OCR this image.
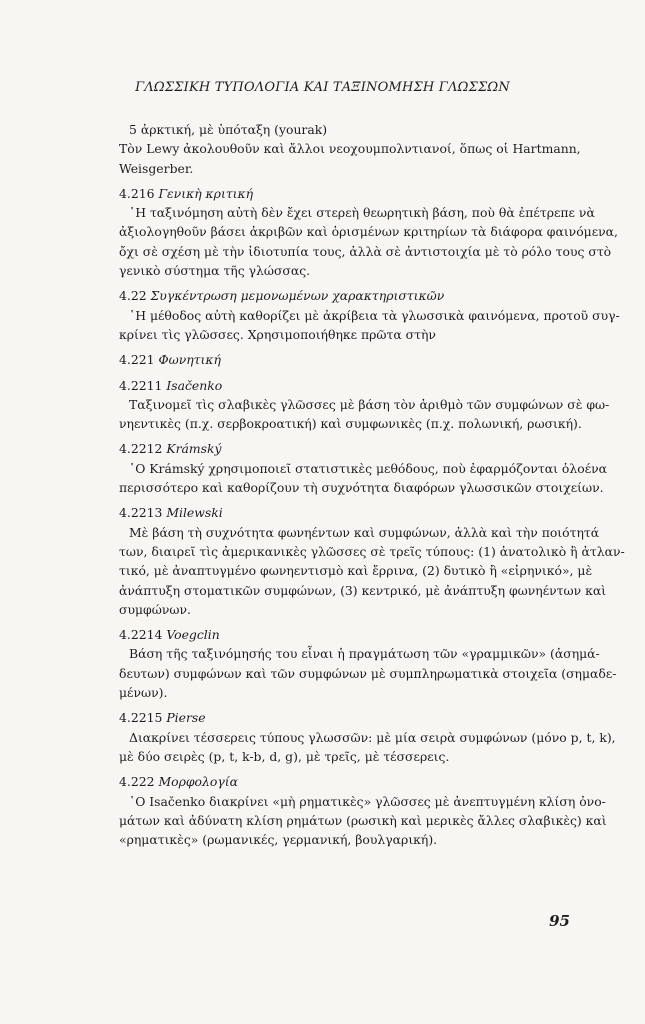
ΓΛΩΣΣΙΚΗ ΤΥΠΟΛΟΓΙΑ ΚΑΙ ΤΑΞΙΝΟΜΗΣΗ ΓΛΩΣΣΩΝ
5 ἀρκτική, μὲ ὑπόταξη (yourak)
Τὸν Lewy ἀκολουθοῦν καὶ ἄλλοι νεοχουμπολντιανοί, ὅπως οἱ Hartmann,
Weisgerber.
4.216 Γενικὴ κριτική
῾Η ταξινόμηση αὐτὴ δὲν ἔχει στερεὴ θεωρητικὴ βάση, ποὺ θὰ ἐπέτρεπε νὰ
ἀξιολογηθοῦν βάσει ἀκριβῶν καὶ ὁρισμένων κριτηρίων τὰ διάφορα φαινόμενα,
ὄχι σὲ σχέση μὲ τὴν ἰδιοτυπία τους, ἀλλὰ σὲ ἀντιστοιχία μὲ τὸ ρόλο τους στὸ
γενικὸ σύστημα τῆς γλώσσας.
4.22 Συγκέντρωση μεμονωμένων χαρακτηριστικῶν
῾Η μέθοδος αὐτὴ καθορίζει μὲ ἀκρίβεια τὰ γλωσσικὰ φαινόμενα, προτοῦ συγ-
κρίνει τὶς γλῶσσες. Χρησιμοποιήθηκε πρῶτα στὴν
4.221 Φωνητική
4.2211 Isačenko
Ταξινομεῖ τὶς σλαβικὲς γλῶσσες μὲ βάση τὸν ἀριθμὸ τῶν συμφώνων σὲ φω-
νηεντικὲς (π.χ. σερβοκροατική) καὶ συμφωνικὲς (π.χ. πολωνική, ρωσική).
4.2212 Krámský
῾Ο Krámský χρησιμοποιεῖ στατιστικὲς μεθόδους, ποὺ ἐφαρμόζονται ὁλοένα
περισσότερο καὶ καθορίζουν τὴ συχνότητα διαφόρων γλωσσικῶν στοιχείων.
4.2213 Milewski
Μὲ βάση τὴ συχνότητα φωνηέντων καὶ συμφώνων, ἀλλὰ καὶ τὴν ποιότητά
των, διαιρεῖ τὶς ἀμερικανικὲς γλῶσσες σὲ τρεῖς τύπους: (1) ἀνατολικὸ ἢ ἀτλαν-
τικό, μὲ ἀναπτυγμένο φωνηεντισμὸ καὶ ἔρρινα, (2) δυτικὸ ἢ «εἰρηνικό», μὲ
ἀνάπτυξη στοματικῶν συμφώνων, (3) κεντρικό, μὲ ἀνάπτυξη φωνηέντων καὶ
συμφώνων.
4.2214 Voegclin
Βάση τῆς ταξινόμησής του εἶναι ἡ πραγμάτωση τῶν «γραμμικῶν» (ἀσημά-
δευτων) συμφώνων καὶ τῶν συμφώνων μὲ συμπληρωματικὰ στοιχεῖα (σημαδε-
μένων).
4.2215 Pierse
Διακρίνει τέσσερεις τύπους γλωσσῶν: μὲ μία σειρὰ συμφώνων (μόνο p, t, k),
μὲ δύο σειρὲς (p, t, k-b, d, g), μὲ τρεῖς, μὲ τέσσερεις.
4.222 Μορφολογία
῾Ο Isačenko διακρίνει «μὴ ρηματικὲς» γλῶσσες μὲ ἀνεπτυγμένη κλίση ὀνο-
μάτων καὶ ἀδύνατη κλίση ρημάτων (ρωσικὴ καὶ μερικὲς ἄλλες σλαβικὲς) καὶ
«ρηματικὲς» (ρωμανικές, γερμανική, βουλγαρική).
95
